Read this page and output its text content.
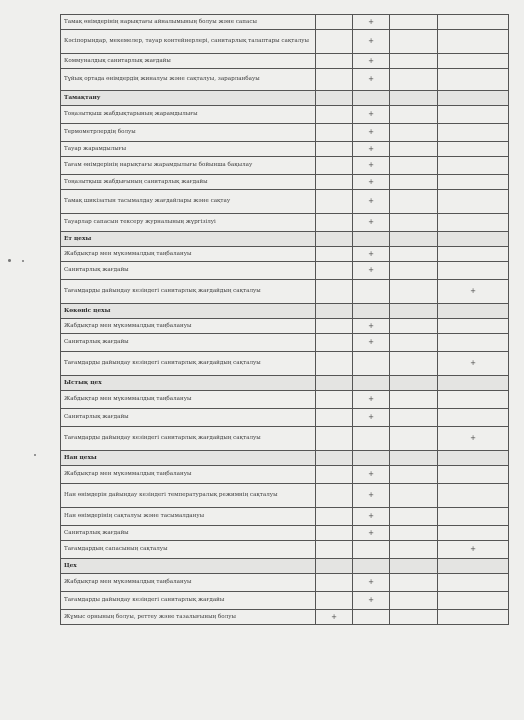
Тамақ өнімдерінің нарықтағы айналымының болуы және сапасы		+		
Кәсіпорындар, мекемелер, тауар контейнерлері, санитарлық талаптары сақталуы		+		
Коммуналдық санитарлық жағдайы		+		
Тұйық ортада өнімдердің жиналуы және сақталуы, зарарланбауы		+		
Тамақтану				
Тоңазытқыш жабдықтарының жарамдылығы		+		
Термометрлердің болуы		+		
Тауар жарамдылығы		+		
Тағам өнімдерінің нарықтағы жарамдылығы бойынша бақылау		+		
Тоңазытқыш жабдығының санитарлық жағдайы		+		
Тамақ шикізатын тасымалдау жағдайлары және сақтау		+		
Тауарлар сапасын тексеру журналының жүргізілуі		+		
Ет цехы				
Жабдықтар мен мүкәммалдың таңбалануы		+		
Санитарлық жағдайы		+		
Тағамдарды дайындау кезіндегі санитарлық жағдайдың сақталуы				+
Көкөніс цехы				
Жабдықтар мен мүкәммалдың таңбалануы		+		
Санитарлық жағдайы		+		
Тағамдарды дайындау кезіндегі санитарлық жағдайдың сақталуы				+
Ыстық цех				
Жабдықтар мен мүкәммалдың таңбалануы		+		
Санитарлық жағдайы		+		
Тағамдарды дайындау кезіндегі санитарлық жағдайдың сақталуы				+
Нан цехы				
Жабдықтар мен мүкәммалдың таңбалануы		+		
Нан өнімдерін дайындау кезіндегі температуралық режимнің сақталуы		+		
Нан өнімдерінің сақталуы және тасымалдануы		+		
Санитарлық жағдайы		+		
Тағамдардың сапасының сақталуы				+
Цех				
Жабдықтар мен мүкәммалдың таңбалануы		+		
Тағамдарды дайындау кезіндегі санитарлық жағдайы		+		
Жұмыс орнының болуы, реттеу және тазалығының болуы	+			
